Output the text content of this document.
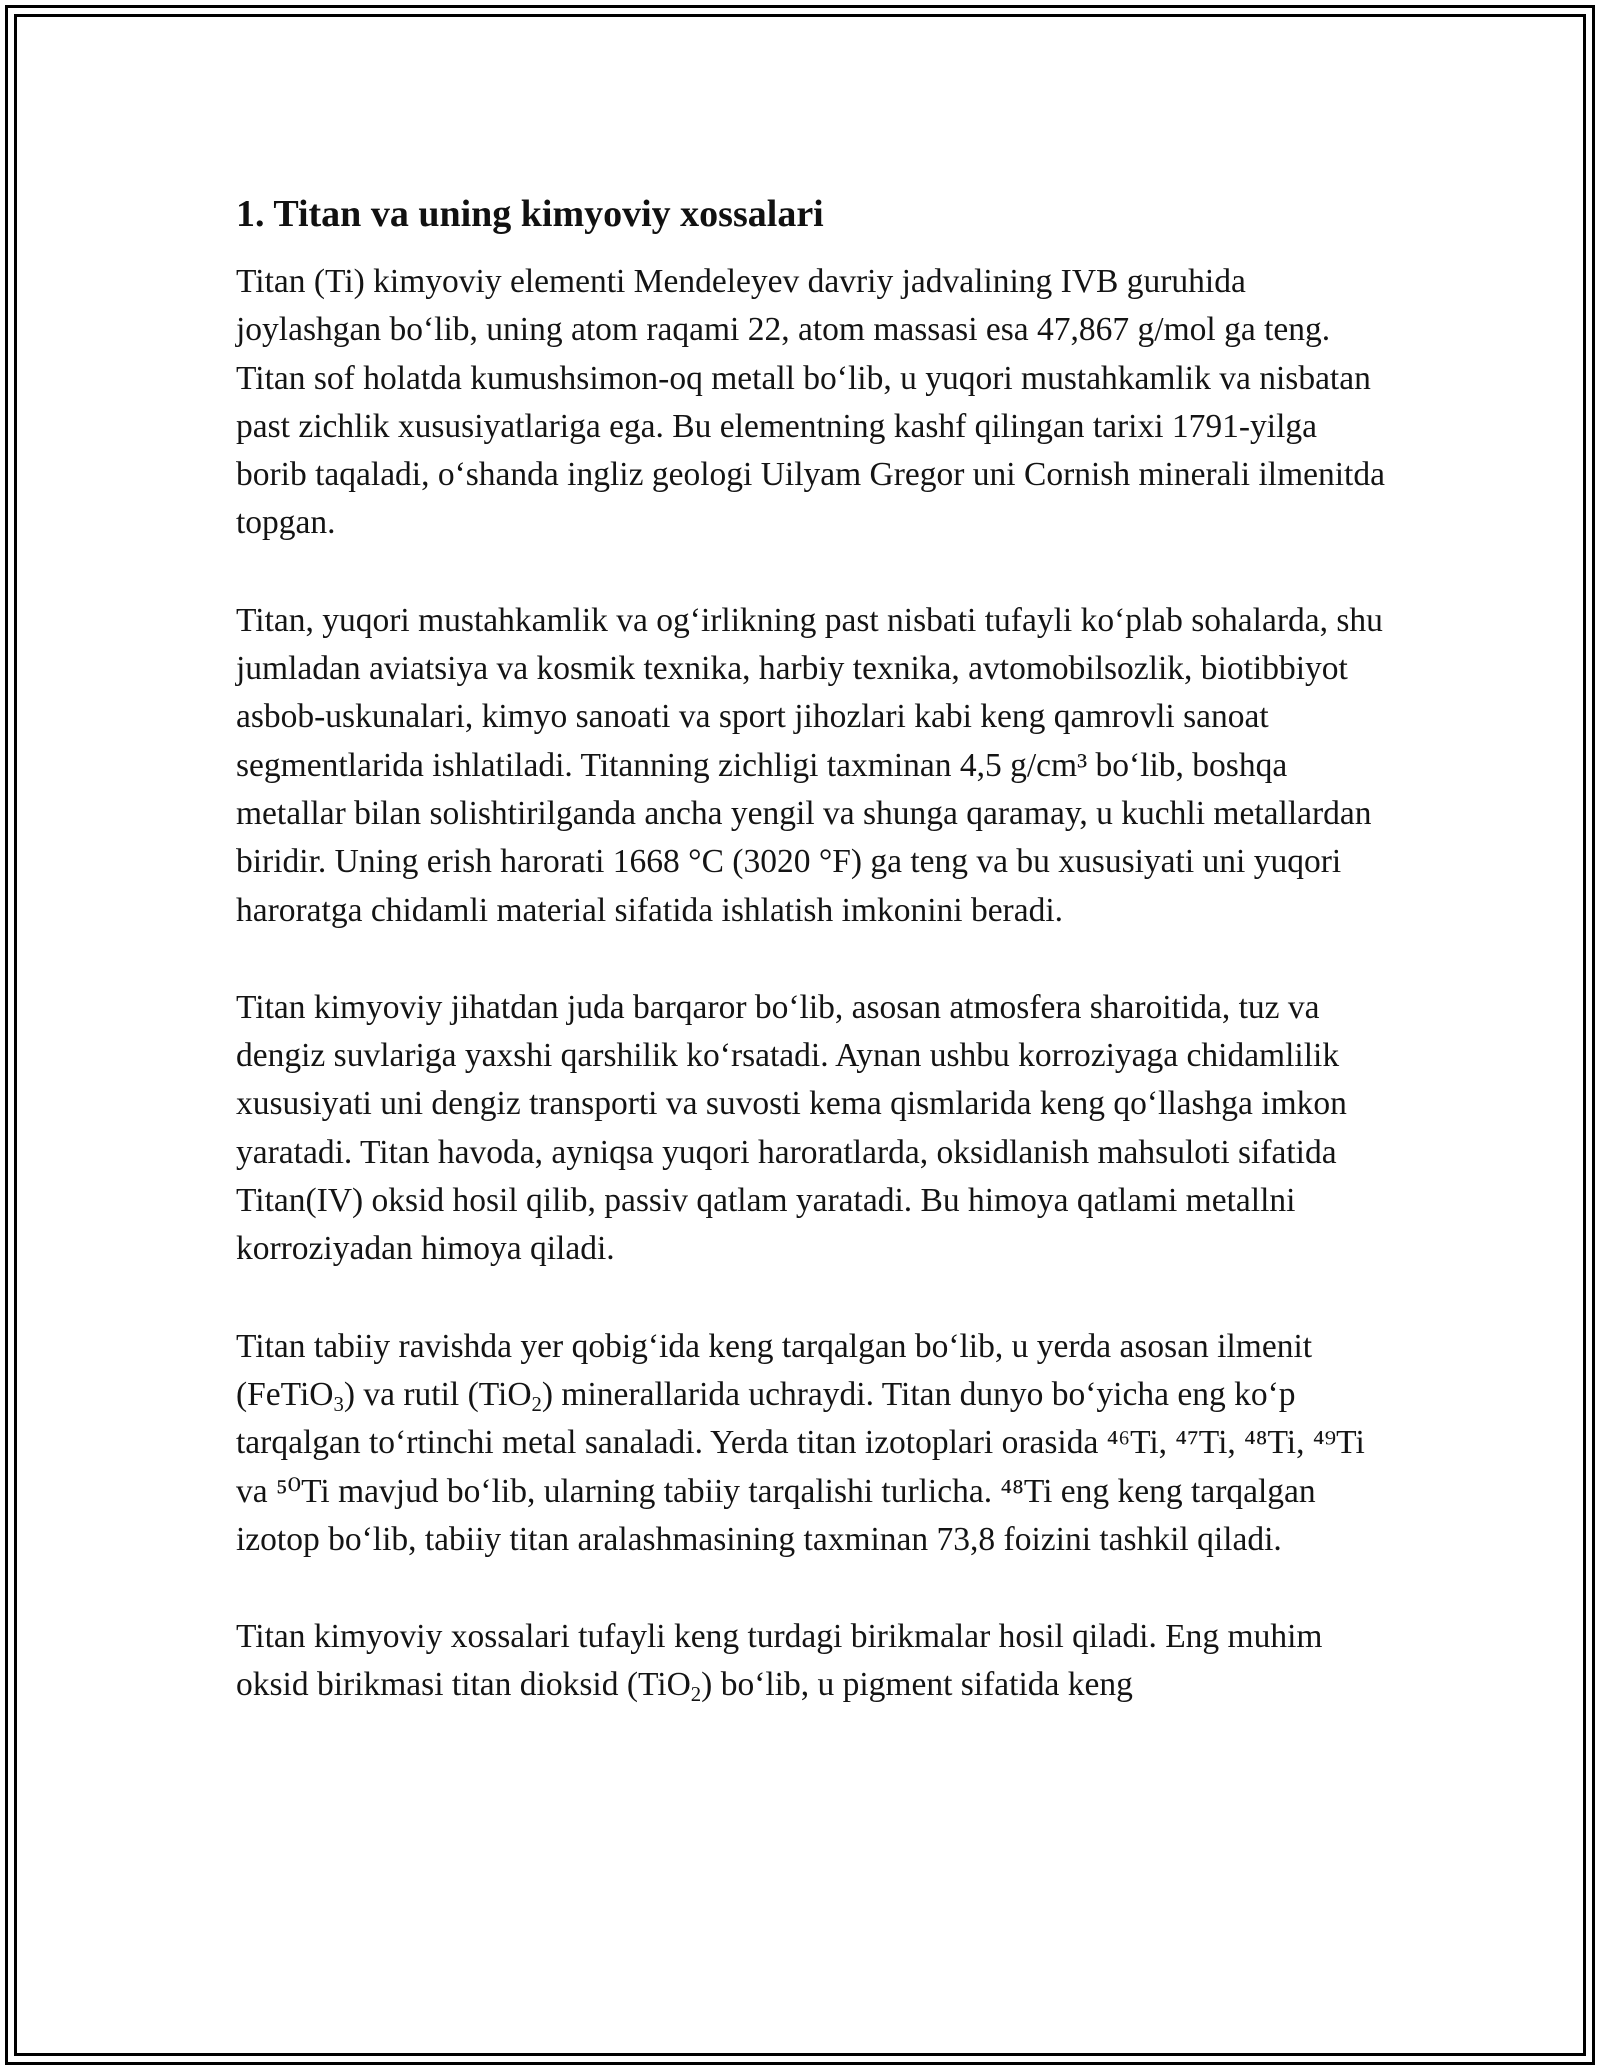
1. Titan va uning kimyoviy xossalari

Titan (Ti) kimyoviy elementi Mendeleyev davriy jadvalining IVB guruhida joylashgan bo‘lib, uning atom raqami 22, atom massasi esa 47,867 g/mol ga teng. Titan sof holatda kumushsimon-oq metall bo‘lib, u yuqori mustahkamlik va nisbatan past zichlik xususiyatlariga ega. Bu elementning kashf qilingan tarixi 1791-yilga borib taqaladi, o‘shanda ingliz geologi Uilyam Gregor uni Cornish minerali ilmenitda topgan.

Titan, yuqori mustahkamlik va og‘irlikning past nisbati tufayli ko‘plab sohalarda, shu jumladan aviatsiya va kosmik texnika, harbiy texnika, avtomobilsozlik, biotibbiyot asbob-uskunalari, kimyo sanoati va sport jihozlari kabi keng qamrovli sanoat segmentlarida ishlatiladi. Titanning zichligi taxminan 4,5 g/cm³ bo‘lib, boshqa metallar bilan solishtirilganda ancha yengil va shunga qaramay, u kuchli metallardan biridir. Uning erish harorati 1668 °C (3020 °F) ga teng va bu xususiyati uni yuqori haroratga chidamli material sifatida ishlatish imkonini beradi.

Titan kimyoviy jihatdan juda barqaror bo‘lib, asosan atmosfera sharoitida, tuz va dengiz suvlariga yaxshi qarshilik ko‘rsatadi. Aynan ushbu korroziyaga chidamlilik xususiyati uni dengiz transporti va suvosti kema qismlarida keng qo‘llashga imkon yaratadi. Titan havoda, ayniqsa yuqori haroratlarda, oksidlanish mahsuloti sifatida Titan(IV) oksid hosil qilib, passiv qatlam yaratadi. Bu himoya qatlami metallni korroziyadan himoya qiladi.

Titan tabiiy ravishda yer qobig‘ida keng tarqalgan bo‘lib, u yerda asosan ilmenit (FeTiO$_3$) va rutil (TiO$_2$) minerallarida uchraydi. Titan dunyo bo‘yicha eng ko‘p tarqalgan to‘rtinchi metal sanaladi. Yerda titan izotoplari orasida ⁴⁶Ti, ⁴⁷Ti, ⁴⁸Ti, ⁴⁹Ti va ⁵⁰Ti mavjud bo‘lib, ularning tabiiy tarqalishi turlicha. ⁴⁸Ti eng keng tarqalgan izotop bo‘lib, tabiiy titan aralashmasining taxminan 73,8 foizini tashkil qiladi.

Titan kimyoviy xossalari tufayli keng turdagi birikmalar hosil qiladi. Eng muhim oksid birikmasi titan dioksid (TiO$_2$) bo‘lib, u pigment sifatida keng
